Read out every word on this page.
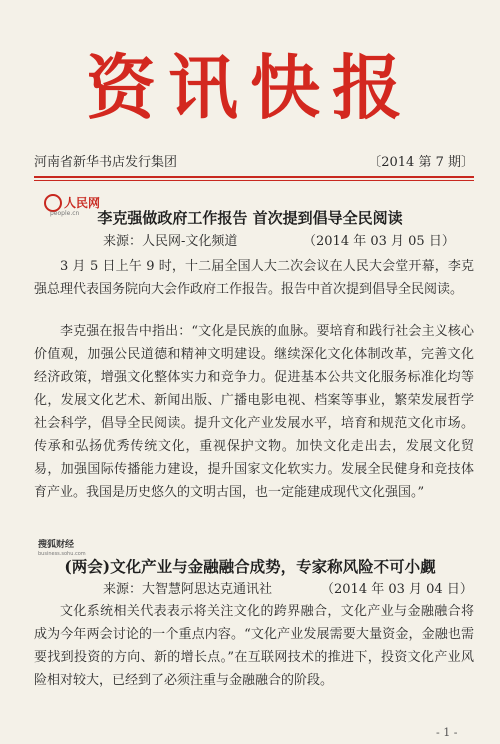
资讯快报
河南省新华书店发行集团	〔2014 第 7 期〕
人民网
people.cn	李克强做政府工作报告 首次提到倡导全民阅读
来源：人民网-文化频道	（2014 年 03 月 05 日）

3 月 5 日上午 9 时，十二届全国人大二次会议在人民大会堂开幕，李克强总理代表国务院向大会作政府工作报告。报告中首次提到倡导全民阅读。

李克强在报告中指出：“文化是民族的血脉。要培育和践行社会主义核心价值观，加强公民道德和精神文明建设。继续深化文化体制改革，完善文化经济政策，增强文化整体实力和竞争力。促进基本公共文化服务标准化均等化，发展文化艺术、新闻出版、广播电影电视、档案等事业，繁荣发展哲学社会科学，倡导全民阅读。提升文化产业发展水平，培育和规范文化市场。传承和弘扬优秀传统文化，重视保护文物。加快文化走出去，发展文化贸易，加强国际传播能力建设，提升国家文化软实力。发展全民健身和竞技体育产业。我国是历史悠久的文明古国，也一定能建成现代文化强国。”

搜狐财经
business.sohu.com
(两会)文化产业与金融融合成势，专家称风险不可小觑
来源：大智慧阿思达克通讯社	（2014 年 03 月 04 日）

文化系统相关代表表示将关注文化的跨界融合，文化产业与金融融合将成为今年两会讨论的一个重点内容。“文化产业发展需要大量资金，金融也需要找到投资的方向、新的增长点。”在互联网技术的推进下，投资文化产业风险相对较大，已经到了必须注重与金融融合的阶段。

- 1 -
